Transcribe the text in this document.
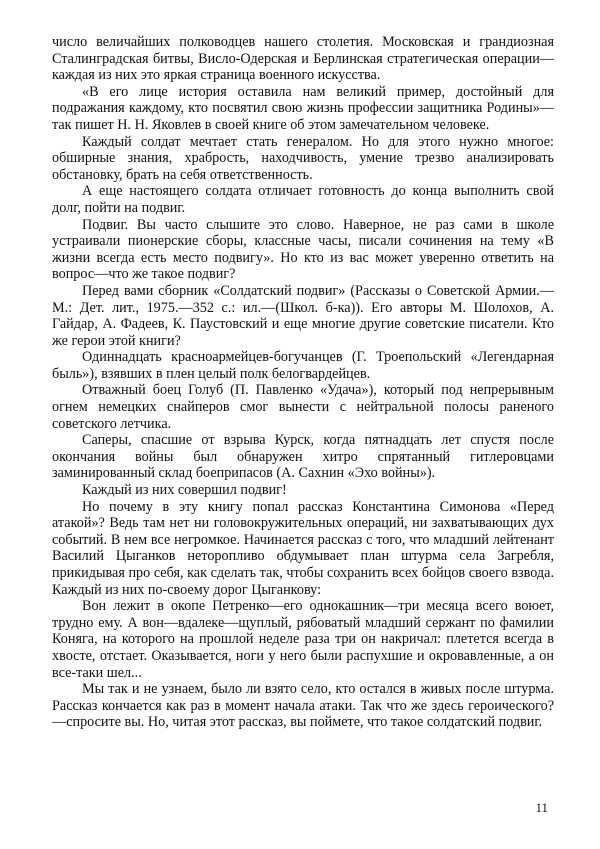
число величайших полководцев нашего столетия. Московская и грандиозная Сталинградская битвы, Висло-Одерская и Берлинская стратегическая операции—каждая из них это яркая страница военного искусства.

«В его лице история оставила нам великий пример, достойный для подражания каждому, кто посвятил свою жизнь профессии защитника Родины»—так пишет Н. Н. Яковлев в своей книге об этом замечательном человеке.

Каждый солдат мечтает стать генералом. Но для этого нужно многое: обширные знания, храбрость, находчивость, умение трезво анализировать обстановку, брать на себя ответственность.

А еще настоящего солдата отличает готовность до конца выполнить свой долг, пойти на подвиг.

Подвиг. Вы часто слышите это слово. Наверное, не раз сами в школе устраивали пионерские сборы, классные часы, писали сочинения на тему «В жизни всегда есть место подвигу». Но кто из вас может уверенно ответить на вопрос—что же такое подвиг?

Перед вами сборник «Солдатский подвиг» (Рассказы о Советской Армии.—М.: Дет. лит., 1975.—352 с.: ил.—(Школ. б-ка)). Его авторы М. Шолохов, А. Гайдар, А. Фадеев, К. Паустовский и еще многие другие советские писатели. Кто же герои этой книги?

Одиннадцать красноармейцев-богучанцев (Г. Троепольский «Легендарная быль»), взявших в плен целый полк белогвардейцев.

Отважный боец Голуб (П. Павленко «Удача»), который под непрерывным огнем немецких снайперов смог вынести с нейтральной полосы раненого советского летчика.

Саперы, спасшие от взрыва Курск, когда пятнадцать лет спустя после окончания войны был обнаружен хитро спрятанный гитлеровцами заминированный склад боеприпасов (А. Сахнин «Эхо войны»).

Каждый из них совершил подвиг!

Но почему в эту книгу попал рассказ Константина Симонова «Перед атакой»? Ведь там нет ни головокружительных операций, ни захватывающих дух событий. В нем все негромкое. Начинается рассказ с того, что младший лейтенант Василий Цыганков неторопливо обдумывает план штурма села Загребля, прикидывая про себя, как сделать так, чтобы сохранить всех бойцов своего взвода. Каждый из них по-своему дорог Цыганкову:

Вон лежит в окопе Петренко—его однокашник—три месяца всего воюет, трудно ему. А вон—вдалеке—щуплый, рябоватый младший сержант по фамилии Коняга, на которого на прошлой неделе раза три он накричал: плетется всегда в хвосте, отстает. Оказывается, ноги у него были распухшие и окровавленные, а он все-таки шел...

Мы так и не узнаем, было ли взято село, кто остался в живых после штурма. Рассказ кончается как раз в момент начала атаки. Так что же здесь героического?—спросите вы. Но, читая этот рассказ, вы поймете, что такое солдатский подвиг.

11
